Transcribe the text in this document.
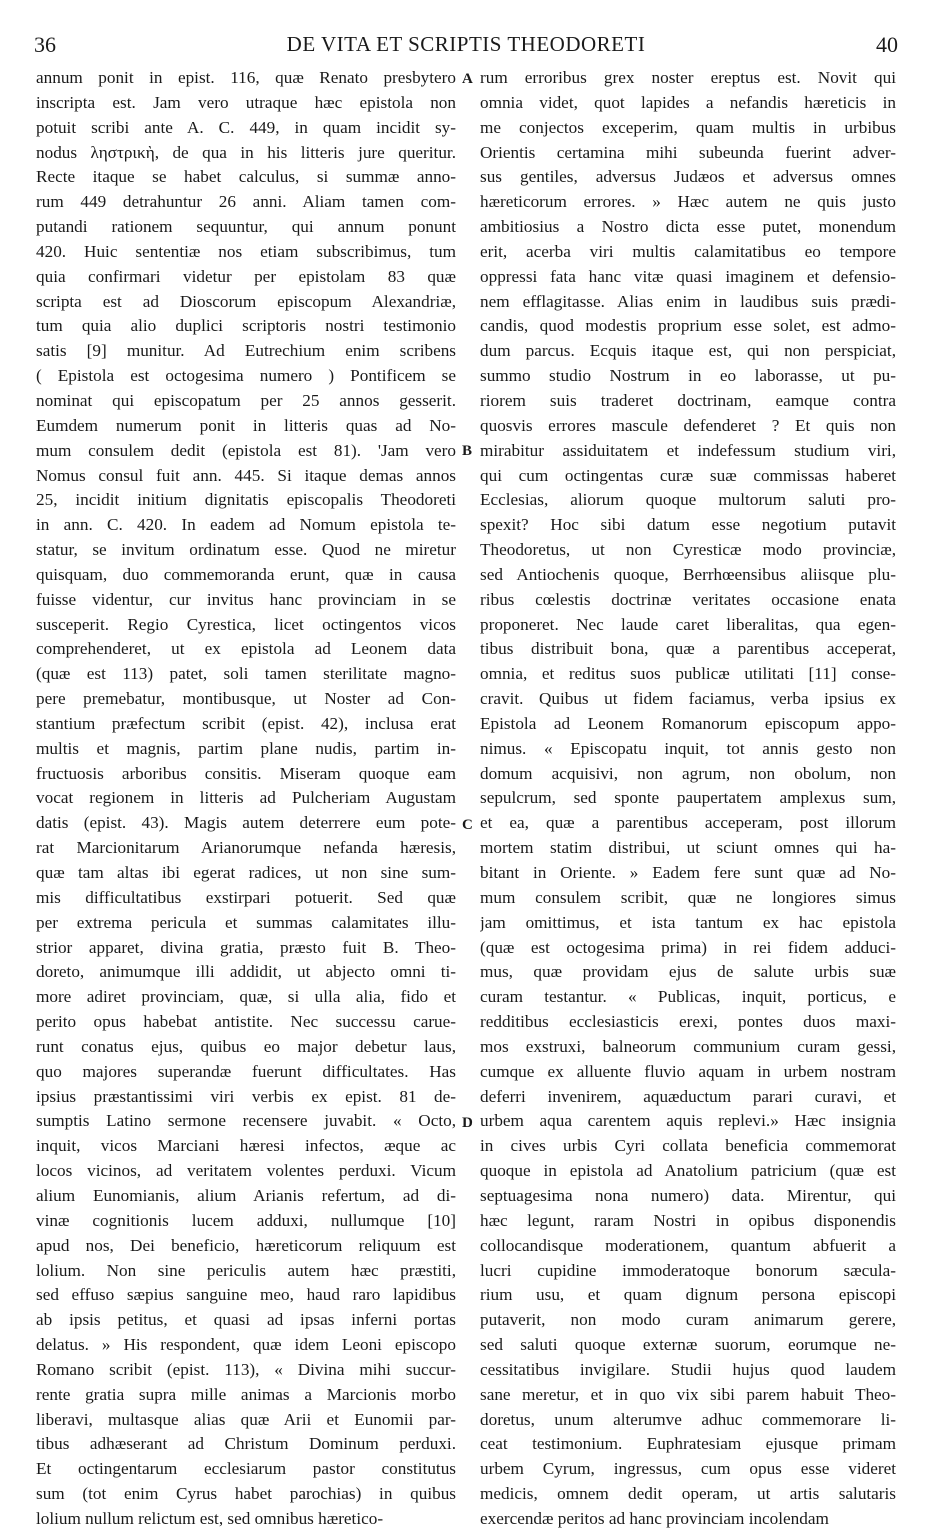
36	DE VITA ET SCRIPTIS THEODORETI	40
annum ponit in epist. 116, quæ Renato presbytero
inscripta est. Jam vero utraque hæc epistola non
potuit scribi ante A. C. 449, in quam incidit sy-
nodus ληστρικὴ, de qua in his litteris jure queritur.
Recte itaque se habet calculus, si summæ anno-
rum 449 detrahuntur 26 anni. Aliam tamen com-
putandi rationem sequuntur, qui annum ponunt
420. Huic sententiæ nos etiam subscribimus, tum
quia confirmari videtur per epistolam 83 quæ
scripta est ad Dioscorum episcopum Alexandriæ,
tum quia alio duplici scriptoris nostri testimonio
satis [9] munitur. Ad Eutrechium enim scribens
( Epistola est octogesima numero ) Pontificem se
nominat qui episcopatum per 25 annos gesserit.
Eumdem numerum ponit in litteris quas ad No-
mum consulem dedit (epistola est 81). 'Jam vero
Nomus consul fuit ann. 445. Si itaque demas annos
25, incidit initium dignitatis episcopalis Theodoreti
in ann. C. 420. In eadem ad Nomum epistola te-
statur, se invitum ordinatum esse. Quod ne miretur
quisquam, duo commemoranda erunt, quæ in causa
fuisse videntur, cur invitus hanc provinciam in se
susceperit. Regio Cyrestica, licet octingentos vicos
comprehenderet, ut ex epistola ad Leonem data
(quæ est 113) patet, soli tamen sterilitate magno-
pere premebatur, montibusque, ut Noster ad Con-
stantium præfectum scribit (epist. 42), inclusa erat
multis et magnis, partim plane nudis, partim in-
fructuosis arboribus consitis. Miseram quoque eam
vocat regionem in litteris ad Pulcheriam Augustam
datis (epist. 43). Magis autem deterrere eum pote-
rat Marcionitarum Arianorumque nefanda hæresis,
quæ tam altas ibi egerat radices, ut non sine sum-
mis difficultatibus exstirpari potuerit. Sed quæ
per extrema pericula et summas calamitates illu-
strior apparet, divina gratia, præsto fuit B. Theo-
doreto, animumque illi addidit, ut abjecto omni ti-
more adiret provinciam, quæ, si ulla alia, fido et
perito opus habebat antistite. Nec successu caruе-
runt conatus ejus, quibus eo major debetur laus,
quo majores superandæ fuerunt difficultates. Has
ipsius præstantissimi viri verbis ex epist. 81 de-
sumptis Latino sermone recensere juvabit. « Octo,
inquit, vicos Marciani hæresi infectos, æque ac
locos vicinos, ad veritatem volentes perduxi. Vicum
alium Eunomianis, alium Arianis refertum, ad di-
vinæ cognitionis lucem adduxi, nullumque [10]
apud nos, Dei beneficio, hæreticorum reliquum est
lolium. Non sine periculis autem hæc præstiti,
sed effuso sæpius sanguine meo, haud raro lapidibus
ab ipsis petitus, et quasi ad ipsas inferni portas
delatus. » His respondent, quæ idem Leoni episcopo
Romano scribit (epist. 113), « Divina mihi succur-
rente gratia supra mille animas a Marcionis morbo
liberavi, multasque alias quæ Arii et Eunomii par-
tibus adhæserant ad Christum Dominum perduxi.
Et octingentarum ecclesiarum pastor constitutus
sum (tot enim Cyrus habet parochias) in quibus
lolium nullum relictum est, sed omnibus hæretico-
rum erroribus grex noster ereptus est. Novit qui
omnia videt, quot lapides a nefandis hæreticis in
me conjectos exceperim, quam multis in urbibus
Orientis certamina mihi subeunda fuerint adver-
sus gentiles, adversus Judæos et adversus omnes
hæreticorum errores. » Hæc autem ne quis justo
ambitiosius a Nostro dicta esse putet, monendum
erit, acerba viri multis calamitatibus eo tempore
oppressi fata hanc vitæ quasi imaginem et defensio-
nem efflagitasse. Alias enim in laudibus suis prædi-
candis, quod modestis proprium esse solet, est admo-
dum parcus. Ecquis itaque est, qui non perspiciat,
summo studio Nostrum in eo laborasse, ut pu-
riorem suis traderet doctrinam, eamque contra
quosvis errores mascule defenderet ? Et quis non
mirabitur assiduitatem et indefessum studium viri,
qui cum octingentas curæ suæ commissas haberet
Ecclesias, aliorum quoque multorum saluti pro-
spexit? Hoc sibi datum esse negotium putavit
Theodoretus, ut non Cyresticæ modo provinciæ,
sed Antiochenis quoque, Berrhœensibus aliisque plu-
ribus cœlestis doctrinæ veritates occasione enata
proponeret. Nec laude caret liberalitas, qua egen-
tibus distribuit bona, quæ a parentibus acceperat,
omnia, et reditus suos publicæ utilitati [11] conse-
cravit. Quibus ut fidem faciamus, verba ipsius ex
Epistola ad Leonem Romanorum episcopum appo-
nimus. « Episcopatu inquit, tot annis gesto non
domum acquisivi, non agrum, non obolum, non
sepulcrum, sed sponte paupertatem amplexus sum,
et ea, quæ a parentibus acceperam, post illorum
mortem statim distribui, ut sciunt omnes qui ha-
bitant in Oriente. » Eadem fere sunt quæ ad No-
mum consulem scribit, quæ ne longiores simus
jam omittimus, et ista tantum ex hac epistola
(quæ est octogesima prima) in rei fidem adduci-
mus, quæ providam ejus de salute urbis suæ
curam testantur. « Publicas, inquit, porticus, e
redditibus ecclesiasticis erexi, pontes duos maxi-
mos exstruxi, balneorum communium curam gessi,
cumque ex alluente fluvio aquam in urbem nostram
deferri invenirem, aquæductum parari curavi, et
urbem aqua carentem aquis replevi.» Hæc insignia
in cives urbis Cyri collata beneficia commemorat
quoque in epistola ad Anatolium patricium (quæ est
septuagesima nona numero) data. Mirentur, qui
hæc legunt, raram Nostri in opibus disponendis
collocandisque moderationem, quantum abfuerit a
lucri cupidine immoderatoque bonorum sæcula-
rium usu, et quam dignum persona episcopi
putaverit, non modo curam animarum gerere,
sed saluti quoque externæ suorum, eorumque ne-
cessitatibus invigilare. Studii hujus quod laudem
sane meretur, et in quo vix sibi parem habuit Theo-
doretus, unum alterumve adhuc commemorare li-
ceat testimonium. Euphratesiam ejusque primam
urbem Cyrum, ingressus, cum opus esse videret
medicis, omnem dedit operam, ut artis salutaris
exercendæ peritos ad hanc provinciam incolendam
A
B
C
D
